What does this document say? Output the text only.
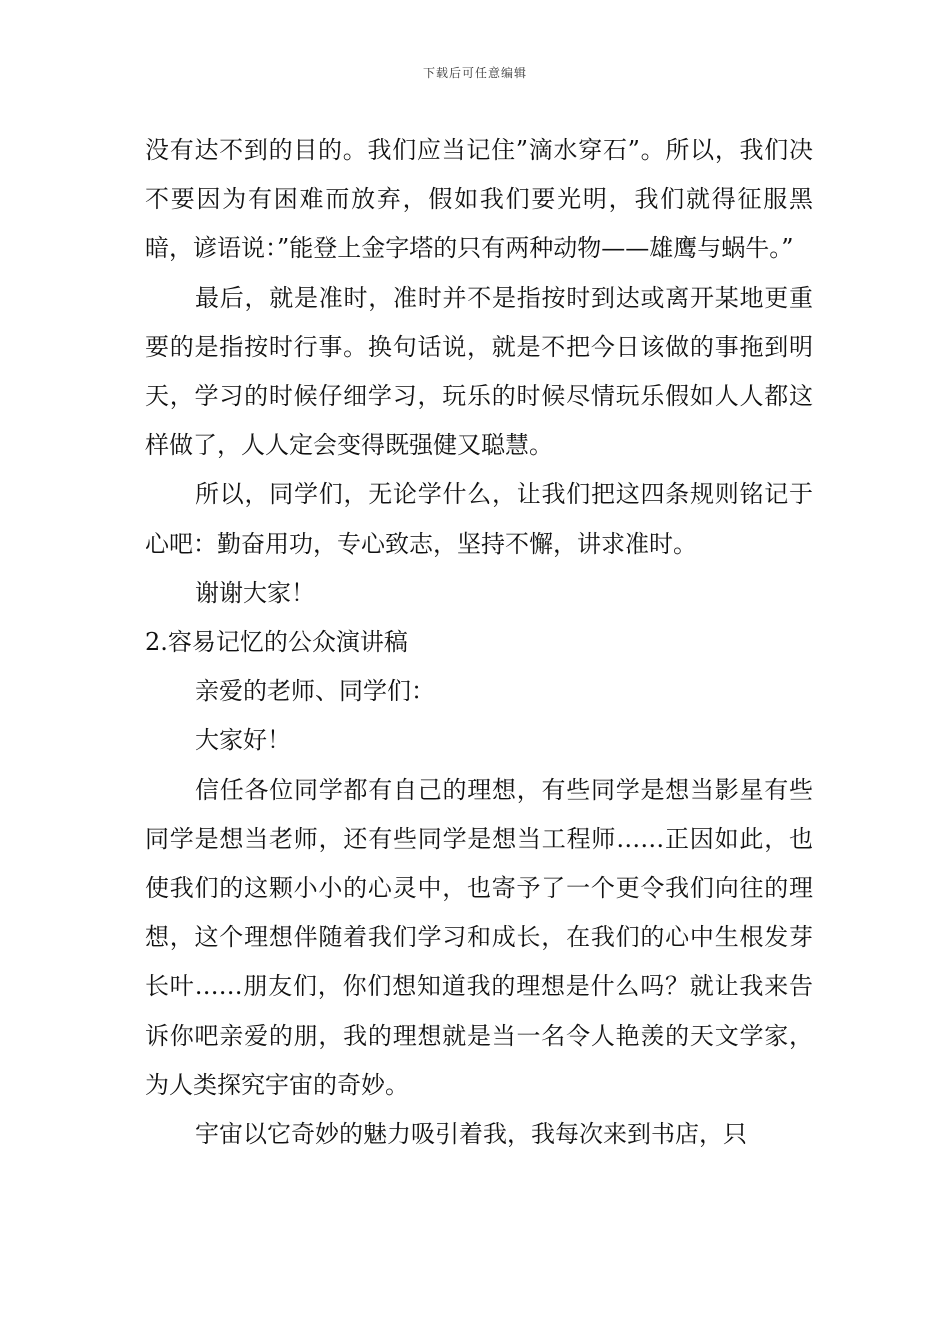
下载后可任意编辑

没有达不到的目的。我们应当记住”滴水穿石”。所以，我们决不要因为有困难而放弃，假如我们要光明，我们就得征服黑暗，谚语说：”能登上金字塔的只有两种动物——雄鹰与蜗牛。”

最后，就是准时，准时并不是指按时到达或离开某地更重要的是指按时行事。换句话说，就是不把今日该做的事拖到明天，学习的时候仔细学习，玩乐的时候尽情玩乐假如人人都这样做了，人人定会变得既强健又聪慧。

所以，同学们，无论学什么，让我们把这四条规则铭记于心吧：勤奋用功，专心致志，坚持不懈，讲求准时。

谢谢大家！

2.容易记忆的公众演讲稿

亲爱的老师、同学们：

大家好！

信任各位同学都有自己的理想，有些同学是想当影星有些同学是想当老师，还有些同学是想当工程师……正因如此，也使我们的这颗小小的心灵中，也寄予了一个更令我们向往的理想，这个理想伴随着我们学习和成长，在我们的心中生根发芽长叶……朋友们，你们想知道我的理想是什么吗？就让我来告诉你吧亲爱的朋，我的理想就是当一名令人艳羡的天文学家，为人类探究宇宙的奇妙。

宇宙以它奇妙的魅力吸引着我，我每次来到书店，只
